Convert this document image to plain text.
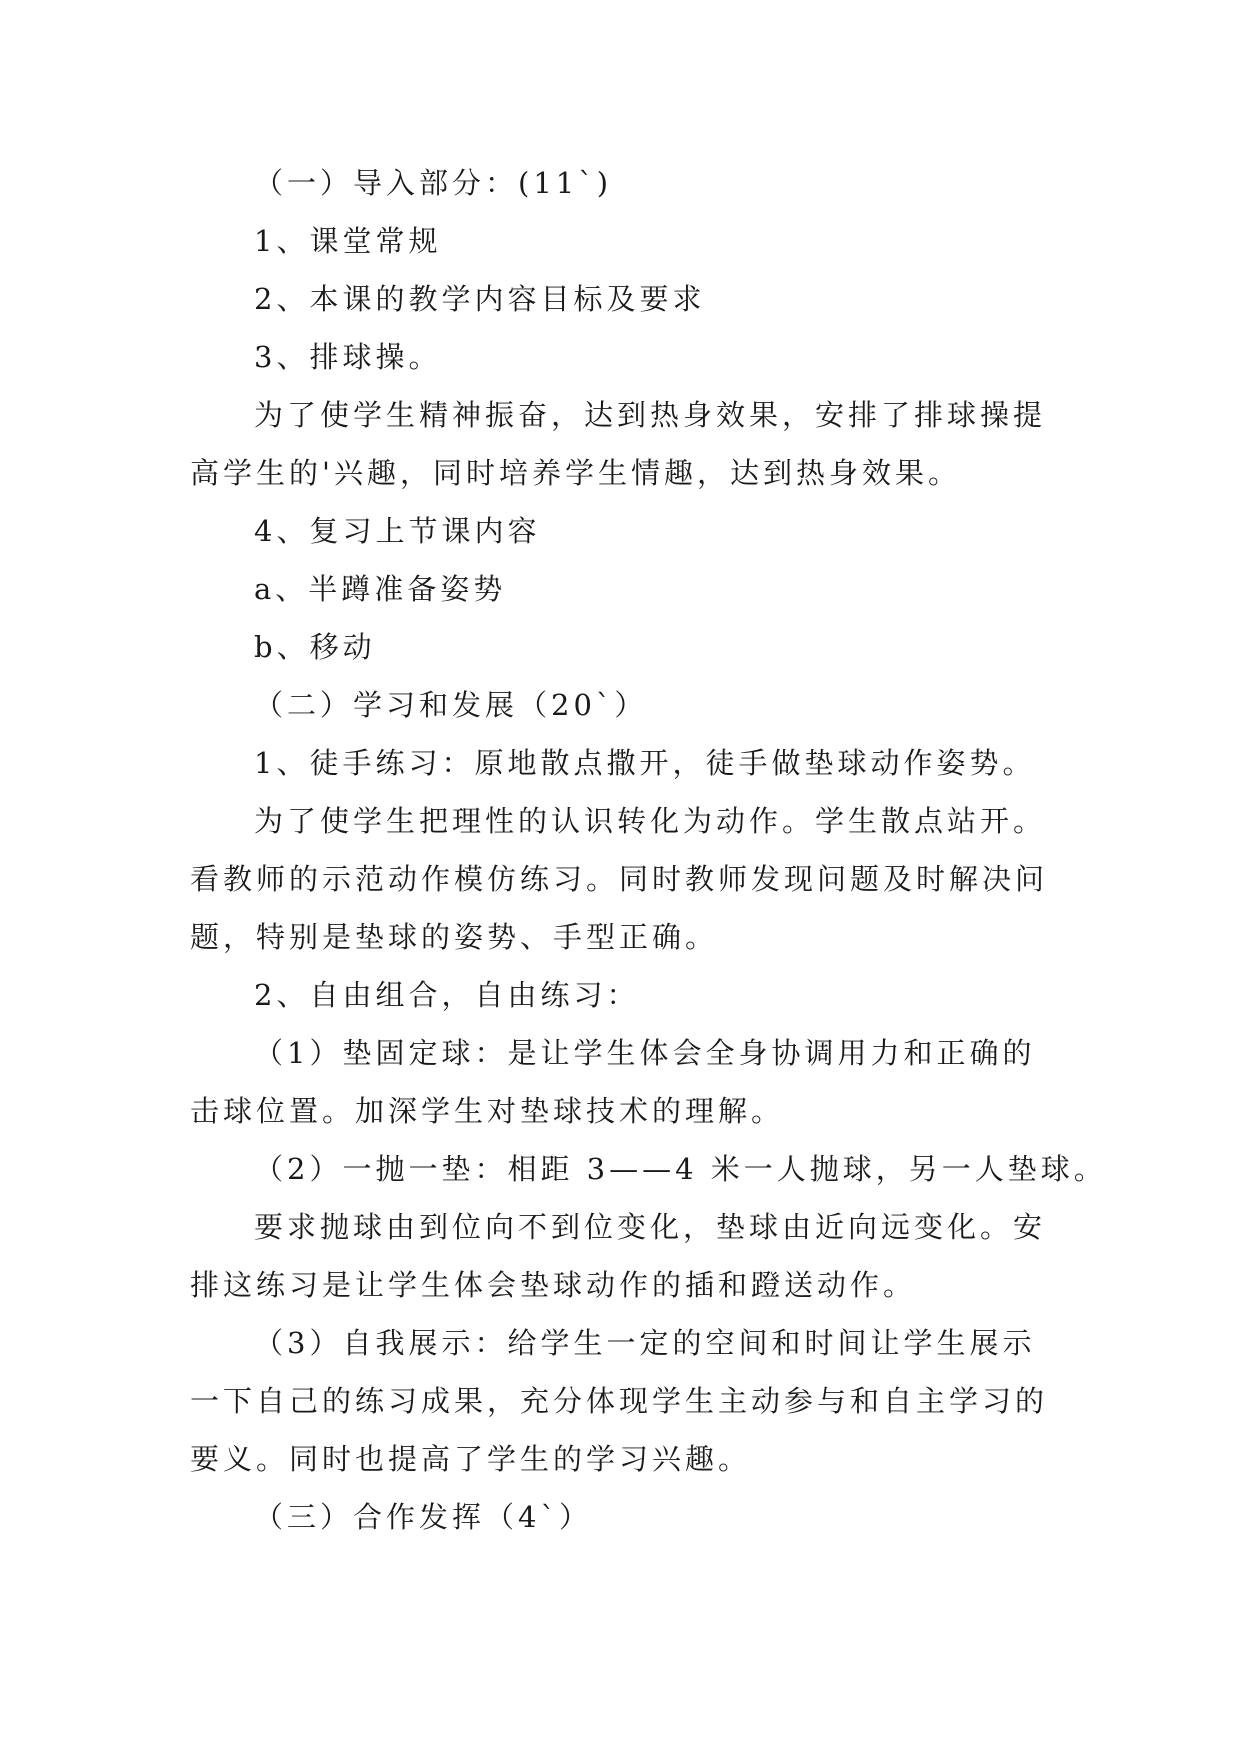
（一）导入部分：(11`)

1、课堂常规

2、本课的教学内容目标及要求

3、排球操。

为了使学生精神振奋，达到热身效果，安排了排球操提

高学生的'兴趣，同时培养学生情趣，达到热身效果。

4、复习上节课内容

a、半蹲准备姿势

b、移动

（二）学习和发展（20`）

1、徒手练习：原地散点撒开，徒手做垫球动作姿势。

为了使学生把理性的认识转化为动作。学生散点站开。

看教师的示范动作模仿练习。同时教师发现问题及时解决问

题，特别是垫球的姿势、手型正确。

2、自由组合，自由练习：

（1）垫固定球：是让学生体会全身协调用力和正确的

击球位置。加深学生对垫球技术的理解。

（2）一抛一垫：相距 3——4 米一人抛球，另一人垫球。

要求抛球由到位向不到位变化，垫球由近向远变化。安

排这练习是让学生体会垫球动作的插和蹬送动作。

（3）自我展示：给学生一定的空间和时间让学生展示

一下自己的练习成果，充分体现学生主动参与和自主学习的

要义。同时也提高了学生的学习兴趣。

（三）合作发挥（4`）
